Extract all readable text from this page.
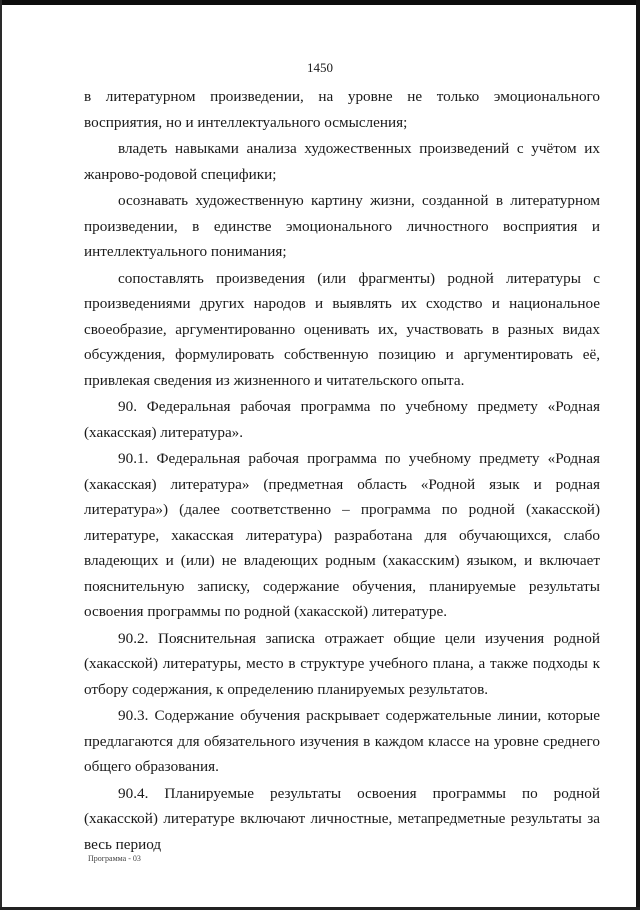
1450

в литературном произведении, на уровне не только эмоционального восприятия, но и интеллектуального осмысления;

владеть навыками анализа художественных произведений с учётом их жанрово-родовой специфики;

осознавать художественную картину жизни, созданной в литературном произведении, в единстве эмоционального личностного восприятия и интеллектуального понимания;

сопоставлять произведения (или фрагменты) родной литературы с произведениями других народов и выявлять их сходство и национальное своеобразие, аргументированно оценивать их, участвовать в разных видах обсуждения, формулировать собственную позицию и аргументировать её, привлекая сведения из жизненного и читательского опыта.

90. Федеральная рабочая программа по учебному предмету «Родная (хакасская) литература».

90.1. Федеральная рабочая программа по учебному предмету «Родная (хакасская) литература» (предметная область «Родной язык и родная литература») (далее соответственно – программа по родной (хакасской) литературе, хакасская литература) разработана для обучающихся, слабо владеющих и (или) не владеющих родным (хакасским) языком, и включает пояснительную записку, содержание обучения, планируемые результаты освоения программы по родной (хакасской) литературе.

90.2. Пояснительная записка отражает общие цели изучения родной (хакасской) литературы, место в структуре учебного плана, а также подходы к отбору содержания, к определению планируемых результатов.

90.3. Содержание обучения раскрывает содержательные линии, которые предлагаются для обязательного изучения в каждом классе на уровне среднего общего образования.

90.4. Планируемые результаты освоения программы по родной (хакасской) литературе включают личностные, метапредметные результаты за весь период

Программа - 03
